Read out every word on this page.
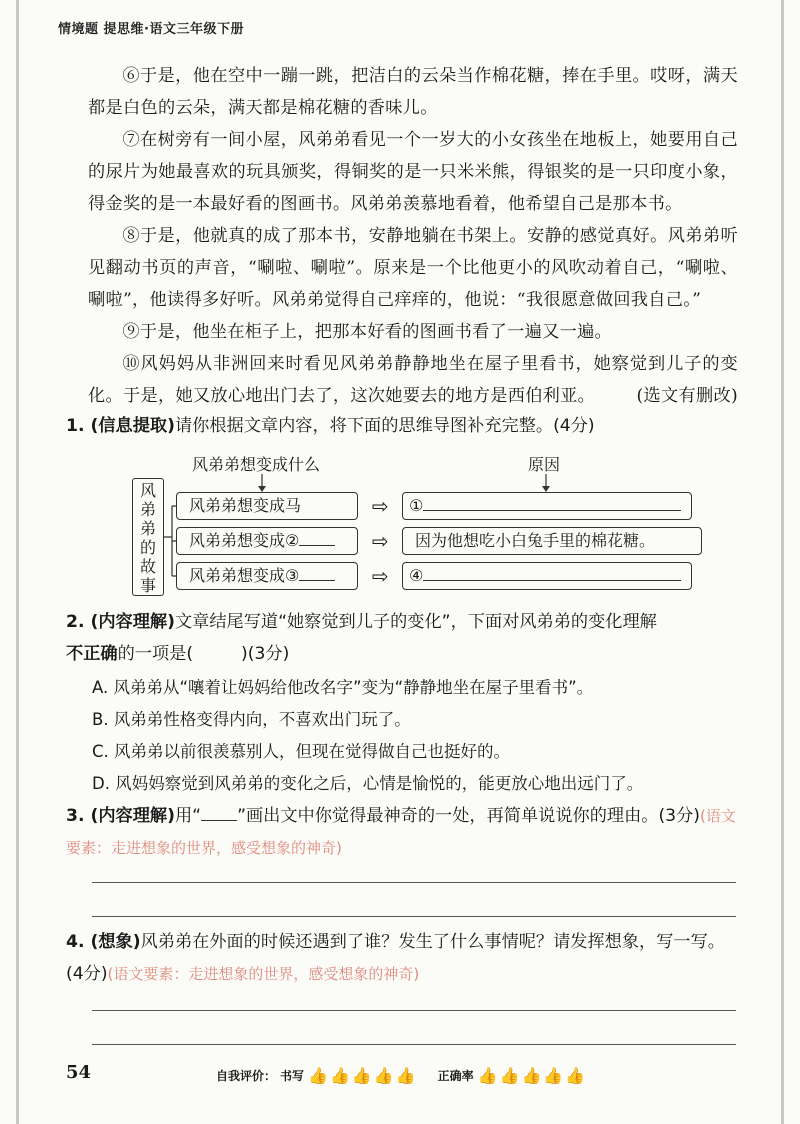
情境题 提思维·语文三年级下册

⑥于是，他在空中一蹦一跳，把洁白的云朵当作棉花糖，捧在手里。哎呀，满天都是白色的云朵，满天都是棉花糖的香味儿。

⑦在树旁有一间小屋，风弟弟看见一个一岁大的小女孩坐在地板上，她要用自己的尿片为她最喜欢的玩具颁奖，得铜奖的是一只米米熊，得银奖的是一只印度小象，得金奖的是一本最好看的图画书。风弟弟羡慕地看着，他希望自己是那本书。

⑧于是，他就真的成了那本书，安静地躺在书架上。安静的感觉真好。风弟弟听见翻动书页的声音，“唰啦、唰啦”。原来是一个比他更小的风吹动着自己，“唰啦、唰啦”，他读得多好听。风弟弟觉得自己痒痒的，他说：“我很愿意做回我自己。”

⑨于是，他坐在柜子上，把那本好看的图画书看了一遍又一遍。

⑩风妈妈从非洲回来时看见风弟弟静静地坐在屋子里看书，她察觉到儿子的变化。于是，她又放心地出门去了，这次她要去的地方是西伯利亚。	(选文有删改)

1. (信息提取)请你根据文章内容，将下面的思维导图补充完整。(4分)

风弟弟想变成什么	原因
风弟弟的故事
风弟弟想变成马
风弟弟想变成②
风弟弟想变成③
⇨
⇨
⇨
①
因为他想吃小白兔手里的棉花糖。
④

2. (内容理解)文章结尾写道“她察觉到儿子的变化”，下面对风弟弟的变化理解
不正确的一项是(	)(3分)

A. 风弟弟从“嚷着让妈妈给他改名字”变为“静静地坐在屋子里看书”。

B. 风弟弟性格变得内向，不喜欢出门玩了。

C. 风弟弟以前很羡慕别人，但现在觉得做自己也挺好的。

D. 风妈妈察觉到风弟弟的变化之后，心情是愉悦的，能更放心地出远门了。

3. (内容理解)用“ ”画出文中你觉得最神奇的一处，再简单说说你的理由。(3分)(语文要素：走进想象的世界，感受想象的神奇)

4. (想象)风弟弟在外面的时候还遇到了谁？发生了什么事情呢？请发挥想象，写一写。(4分)(语文要素：走进想象的世界，感受想象的神奇)

54	自我评价： 书写 👍 👍 👍 👍 👍 正确率 👍 👍 👍 👍 👍
